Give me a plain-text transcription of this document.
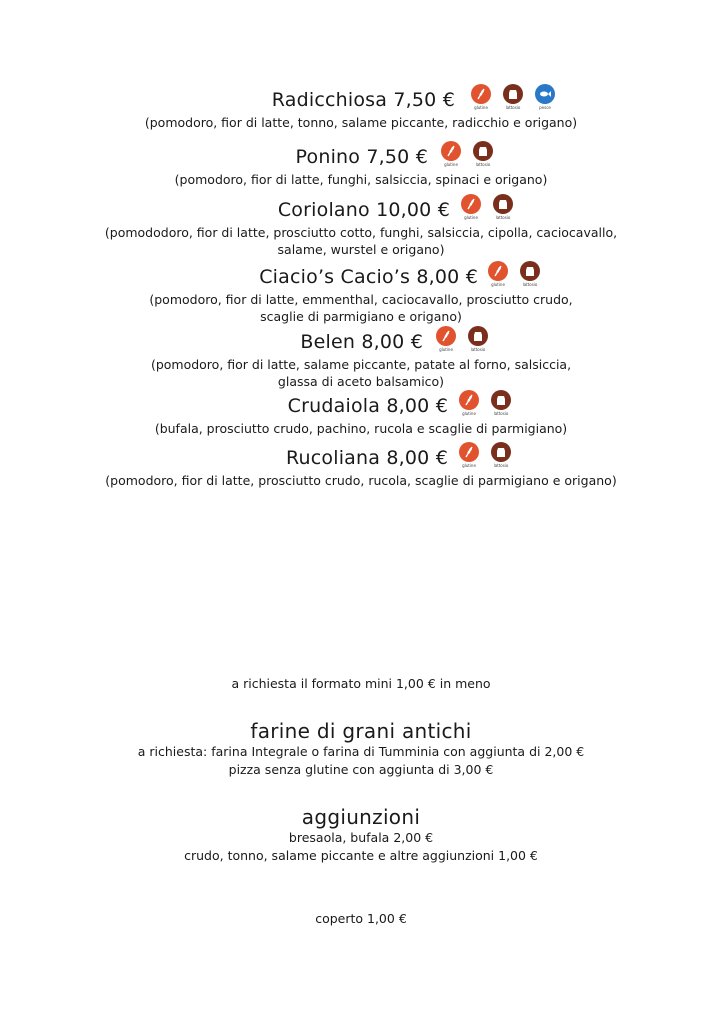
Radicchiosa 7,50 €	glutine	lattosio	pesce
(pomodoro, fior di latte, tonno, salame piccante, radicchio e origano)
Ponino 7,50 €	glutine	lattosio
(pomodoro, fior di latte, funghi, salsiccia, spinaci e origano)
Coriolano 10,00 €	glutine	lattosio
(pomododoro, fior di latte, prosciutto cotto, funghi, salsiccia, cipolla, caciocavallo,
salame, wurstel e origano)
Ciacio’s Cacio’s 8,00 €	glutine	lattosio
(pomodoro, fior di latte, emmenthal, caciocavallo, prosciutto crudo,
scaglie di parmigiano e origano)
Belen 8,00 €	glutine	lattosio
(pomodoro, fior di latte, salame piccante, patate al forno, salsiccia,
glassa di aceto balsamico)
Crudaiola 8,00 €	glutine	lattosio
(bufala, prosciutto crudo, pachino, rucola e scaglie di parmigiano)
Rucoliana 8,00 €	glutine	lattosio
(pomodoro, fior di latte, prosciutto crudo, rucola, scaglie di parmigiano e origano)
a richiesta il formato mini 1,00 € in meno
farine di grani antichi
a richiesta: farina Integrale o farina di Tumminia con aggiunta di 2,00 €
pizza senza glutine con aggiunta di 3,00 €
aggiunzioni
bresaola, bufala 2,00 €
crudo, tonno, salame piccante e altre aggiunzioni 1,00 €
coperto 1,00 €
